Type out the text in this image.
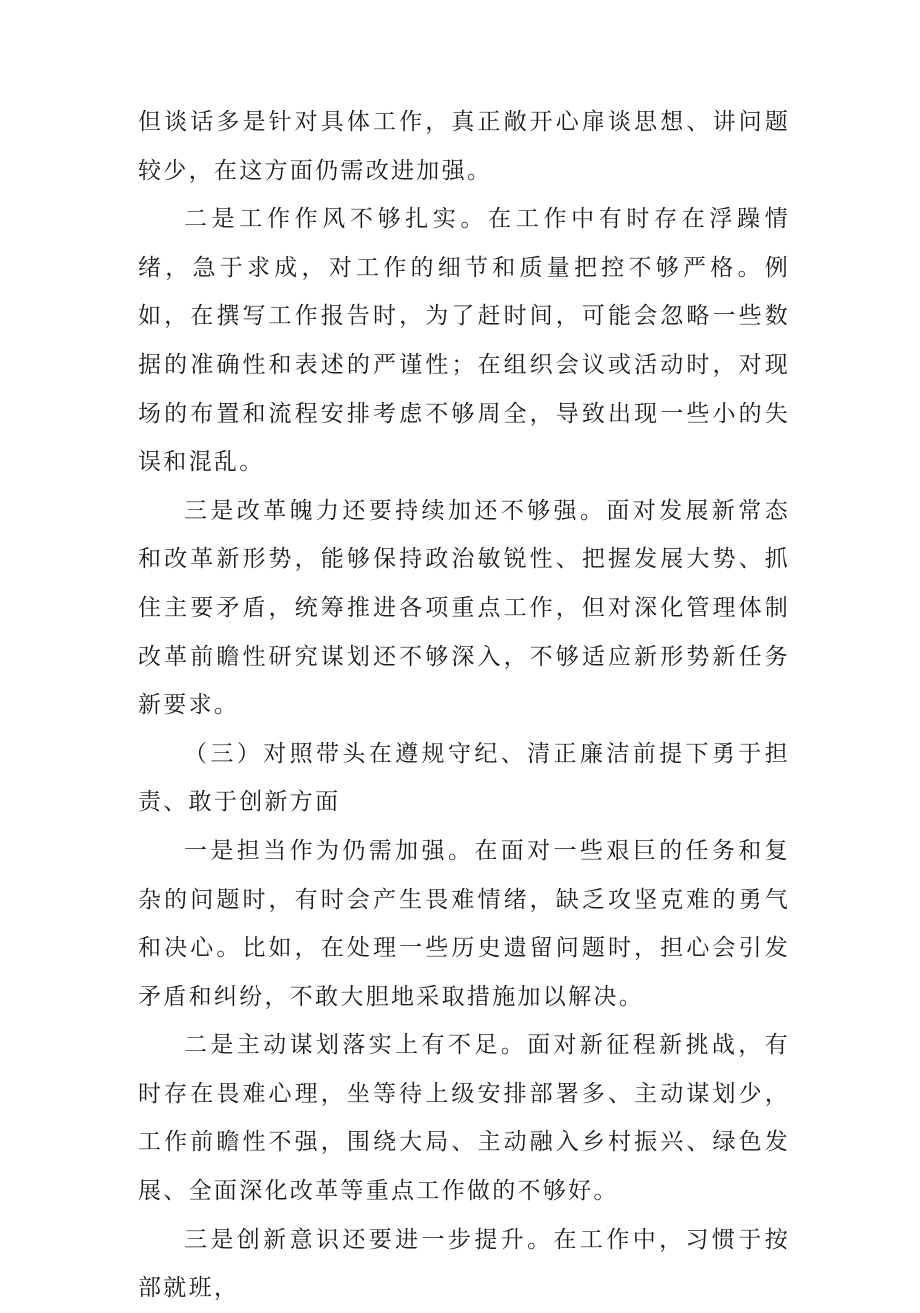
但谈话多是针对具体工作，真正敞开心扉谈思想、讲问题较少，在这方面仍需改进加强。

二是工作作风不够扎实。在工作中有时存在浮躁情绪，急于求成，对工作的细节和质量把控不够严格。例如，在撰写工作报告时，为了赶时间，可能会忽略一些数据的准确性和表述的严谨性；在组织会议或活动时，对现场的布置和流程安排考虑不够周全，导致出现一些小的失误和混乱。

三是改革魄力还要持续加还不够强。面对发展新常态和改革新形势，能够保持政治敏锐性、把握发展大势、抓住主要矛盾，统筹推进各项重点工作，但对深化管理体制改革前瞻性研究谋划还不够深入，不够适应新形势新任务新要求。

（三）对照带头在遵规守纪、清正廉洁前提下勇于担责、敢于创新方面

一是担当作为仍需加强。在面对一些艰巨的任务和复杂的问题时，有时会产生畏难情绪，缺乏攻坚克难的勇气和决心。比如，在处理一些历史遗留问题时，担心会引发矛盾和纠纷，不敢大胆地采取措施加以解决。

二是主动谋划落实上有不足。面对新征程新挑战，有时存在畏难心理，坐等待上级安排部署多、主动谋划少，工作前瞻性不强，围绕大局、主动融入乡村振兴、绿色发展、全面深化改革等重点工作做的不够好。

三是创新意识还要进一步提升。在工作中，习惯于按部就班，
